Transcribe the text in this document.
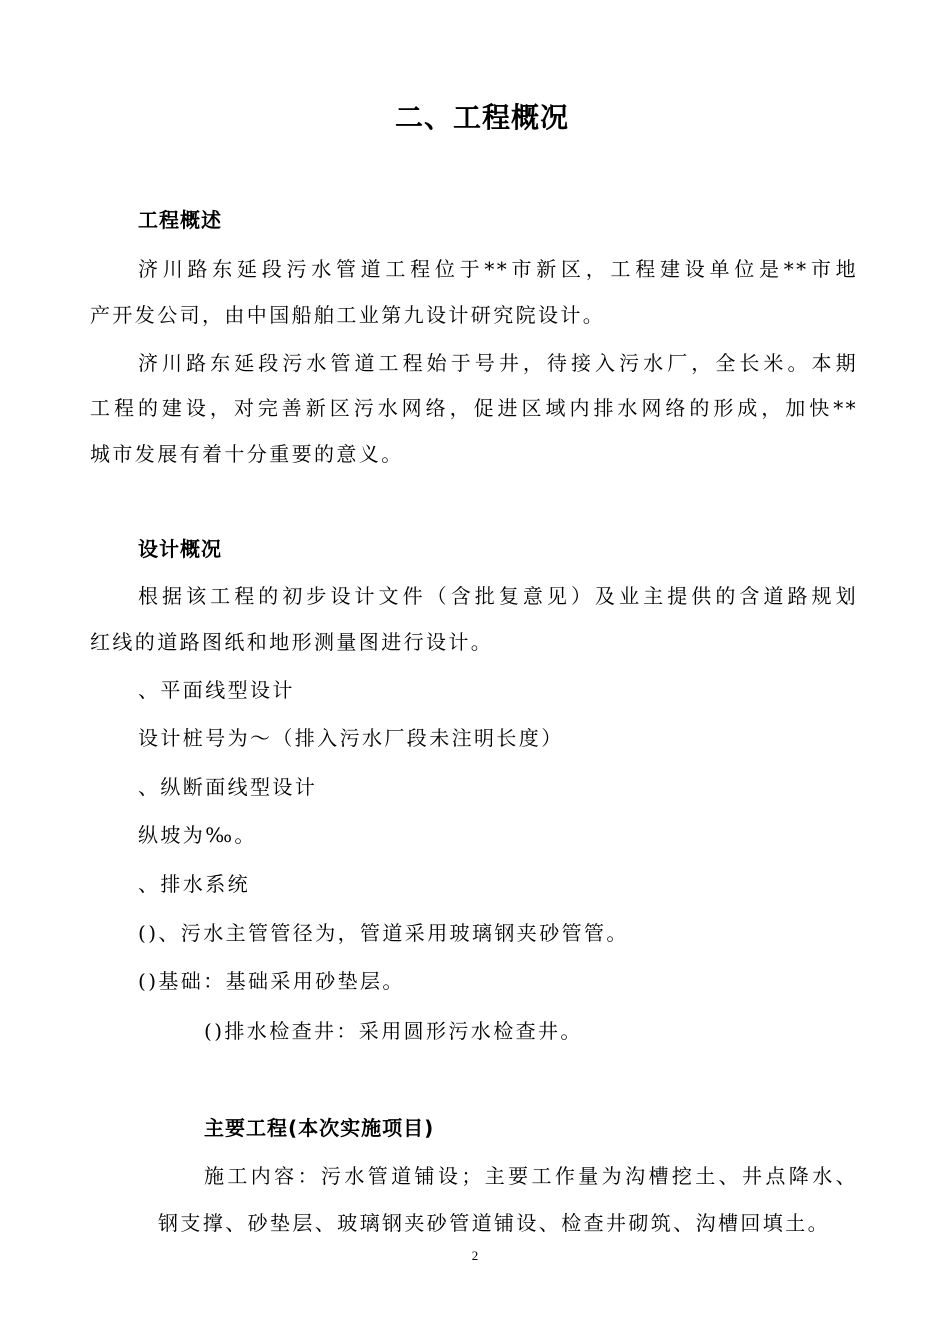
二、工程概况
工程概述
济川路东延段污水管道工程位于**市新区，工程建设单位是**市地
产开发公司，由中国船舶工业第九设计研究院设计。
济川路东延段污水管道工程始于号井，待接入污水厂，全长米。本期
工程的建设，对完善新区污水网络，促进区域内排水网络的形成，加快**
城市发展有着十分重要的意义。
设计概况
根据该工程的初步设计文件（含批复意见）及业主提供的含道路规划
红线的道路图纸和地形测量图进行设计。
、平面线型设计
设计桩号为～（排入污水厂段未注明长度）
、纵断面线型设计
纵坡为‰。
、排水系统
()、污水主管管径为，管道采用玻璃钢夹砂管管。
()基础：基础采用砂垫层。
()排水检查井：采用圆形污水检查井。
主要工程(本次实施项目)
施工内容：污水管道铺设；主要工作量为沟槽挖土、井点降水、
钢支撑、砂垫层、玻璃钢夹砂管道铺设、检查井砌筑、沟槽回填土。
2
